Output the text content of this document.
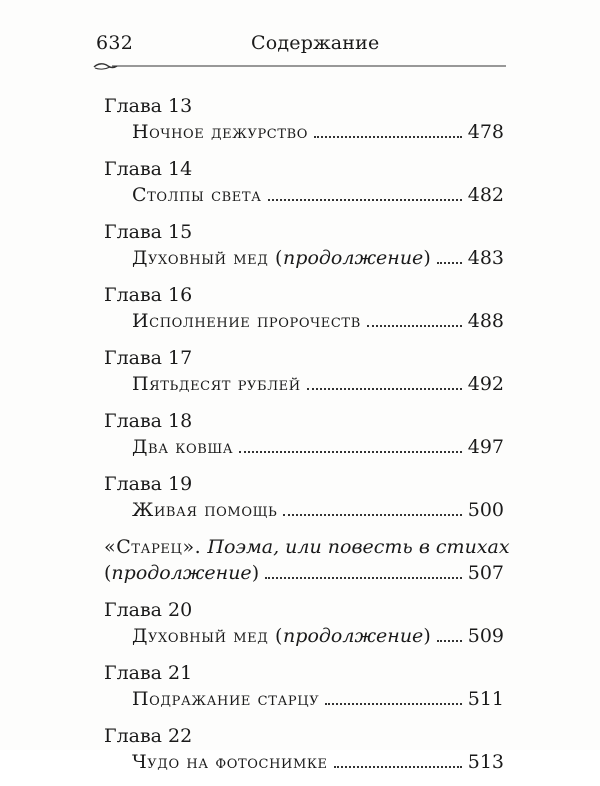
632	Содержание
Глава 13
Ночное дежурство	478
Глава 14
Столпы света	482
Глава 15
Духовный мед (продолжение) 483
Глава 16
Исполнение пророчеств	488
Глава 17
Пятьдесят рублей	492
Глава 18
Два ковша	497
Глава 19
Живая помощь	500
«Старец». Поэма, или повесть в стихах
(продолжение)	507
Глава 20
Духовный мед (продолжение) 509
Глава 21
Подражание старцу	511
Глава 22
Чудо на фотоснимке	513
